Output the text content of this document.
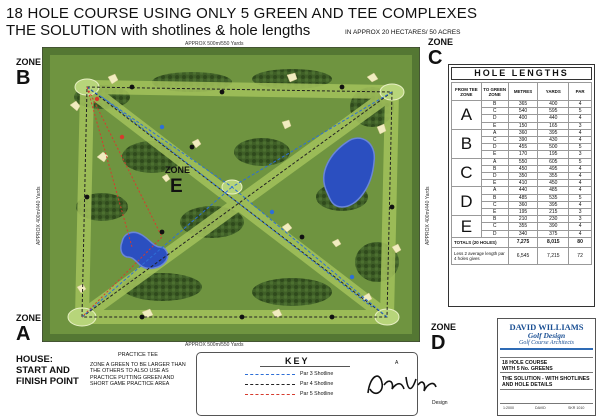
18 HOLE COURSE USING ONLY 5 GREEN AND TEE COMPLEXES
THE SOLUTION with shotlines & hole lengths	IN APPROX 20 HECTARES/ 50 ACRES
ZONE
E
APPROX 500m/550 Yards
APPROX 500m/550 Yards
APPROX 400m/440 Yards	APPROX 400m/440 Yards
ZONE
B
ZONE
C
ZONE
A	ZONE
D
HOLE LENGTHS
FROM TEE ZONE	TO GREEN ZONE	METRES	YARDS	PAR
A	B	365	400	4
	C	540	595	5
	D	400	440	4
	E	150	165	3
B	A	360	395	4
	C	390	430	4
	D	455	500	5
	E	170	195	3
C	A	550	605	5
	B	450	495	4
	D	350	355	4
	E	410	450	4
D	A	440	485	4
	B	485	535	5
	C	360	395	4
	E	195	215	3
E	B	210	230	3
	C	355	390	4
	D	340	375	4
TOTALS (20 HOLES)		7,275	8,015	80
Less 2 average length par 4 holes gives		6,545	7,215	72
HOUSE:
START AND
FINISH POINT
PRACTICE TEE
ZONE A GREEN TO BE LARGER THAN THE OTHERS TO ALSO USE AS PRACTICE PUTTING GREEN AND SHORT GAME PRACTICE AREA
KEY
Par 3 Shotline
Par 4 Shotline
Par 5 Shotline
A
Design
DAVID WILLIAMS
Golf Design
Golf Course Architects
18 HOLE COURSE
WITH 5 No. GREENS
THE SOLUTION - WITH SHOTLINES
AND HOLE DETAILS
1:2000	DAVID	SKR 1010
